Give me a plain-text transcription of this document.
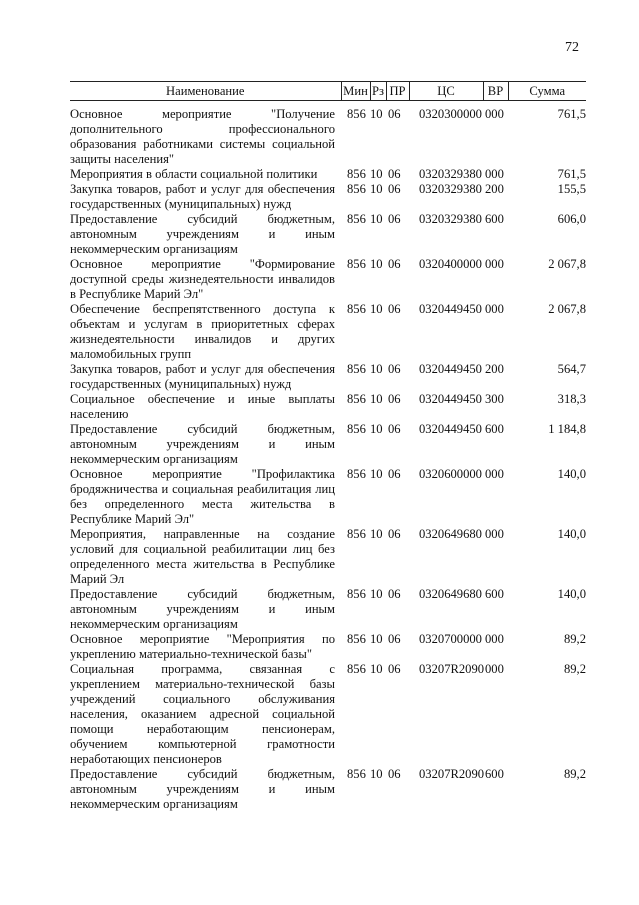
72
Наименование	Мин	Рз	ПР	ЦС	ВР	Сумма
Основное мероприятие "Получение дополнительного профессионального образования работниками системы социальной защиты населения"	856	10	06	0320300000	000	761,5
Мероприятия в области социальной политики	856	10	06	0320329380	000	761,5
Закупка товаров, работ и услуг для обеспечения государственных (муниципальных) нужд	856	10	06	0320329380	200	155,5
Предоставление субсидий бюджетным, автономным учреждениям и иным некоммерческим организациям	856	10	06	0320329380	600	606,0
Основное мероприятие "Формирование доступной среды жизнедеятельности инвалидов в Республике Марий Эл"	856	10	06	0320400000	000	2 067,8
Обеспечение беспрепятственного доступа к объектам и услугам в приоритетных сферах жизнедеятельности инвалидов и других маломобильных групп	856	10	06	0320449450	000	2 067,8
Закупка товаров, работ и услуг для обеспечения государственных (муниципальных) нужд	856	10	06	0320449450	200	564,7
Социальное обеспечение и иные выплаты населению	856	10	06	0320449450	300	318,3
Предоставление субсидий бюджетным, автономным учреждениям и иным некоммерческим организациям	856	10	06	0320449450	600	1 184,8
Основное мероприятие "Профилактика бродяжничества и социальная реабилитация лиц без определенного места жительства в Республике Марий Эл"	856	10	06	0320600000	000	140,0
Мероприятия, направленные на создание условий для социальной реабилитации лиц без определенного места жительства в Республике Марий Эл	856	10	06	0320649680	000	140,0
Предоставление субсидий бюджетным, автономным учреждениям и иным некоммерческим организациям	856	10	06	0320649680	600	140,0
Основное мероприятие "Мероприятия по укреплению материально-технической базы"	856	10	06	0320700000	000	89,2
Социальная программа, связанная с укреплением материально-технической базы учреждений социального обслуживания населения, оказанием адресной социальной помощи неработающим пенсионерам, обучением компьютерной грамотности неработающих пенсионеров	856	10	06	03207R2090	000	89,2
Предоставление субсидий бюджетным, автономным учреждениям и иным некоммерческим организациям	856	10	06	03207R2090	600	89,2
